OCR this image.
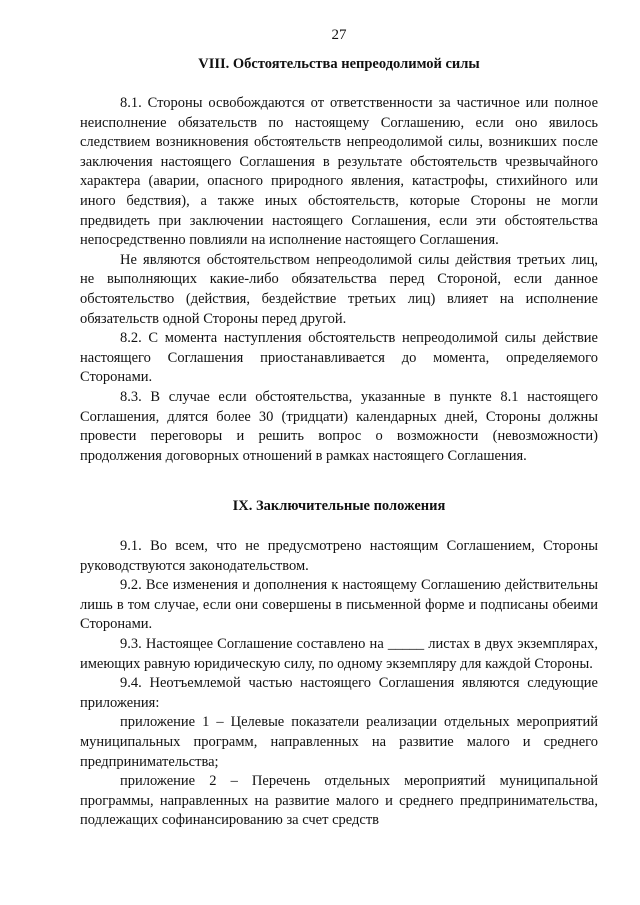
27
VIII. Обстоятельства непреодолимой силы

8.1. Стороны освобождаются от ответственности за частичное или полное неисполнение обязательств по настоящему Соглашению, если оно явилось следствием возникновения обстоятельств непреодолимой силы, возникших после заключения настоящего Соглашения в результате обстоятельств чрезвычайного характера (аварии, опасного природного явления, катастрофы, стихийного или иного бедствия), а также иных обстоятельств, которые Стороны не могли предвидеть при заключении настоящего Соглашения, если эти обстоятельства непосредственно повлияли на исполнение настоящего Соглашения.

Не являются обстоятельством непреодолимой силы действия третьих лиц, не выполняющих какие-либо обязательства перед Стороной, если данное обстоятельство (действия, бездействие третьих лиц) влияет на исполнение обязательств одной Стороны перед другой.

8.2. С момента наступления обстоятельств непреодолимой силы действие настоящего Соглашения приостанавливается до момента, определяемого Сторонами.

8.3. В случае если обстоятельства, указанные в пункте 8.1 настоящего Соглашения, длятся более 30 (тридцати) календарных дней, Стороны должны провести переговоры и решить вопрос о возможности (невозможности) продолжения договорных отношений в рамках настоящего Соглашения.

IX. Заключительные положения

9.1. Во всем, что не предусмотрено настоящим Соглашением, Стороны руководствуются законодательством.

9.2. Все изменения и дополнения к настоящему Соглашению действительны лишь в том случае, если они совершены в письменной форме и подписаны обеими Сторонами.

9.3. Настоящее Соглашение составлено на _____ листах в двух экземплярах, имеющих равную юридическую силу, по одному экземпляру для каждой Стороны.

9.4. Неотъемлемой частью настоящего Соглашения являются следующие приложения:

приложение 1 – Целевые показатели реализации отдельных мероприятий муниципальных программ, направленных на развитие малого и среднего предпринимательства;

приложение 2 – Перечень отдельных мероприятий муниципальной программы, направленных на развитие малого и среднего предпринимательства, подлежащих софинансированию за счет средств
